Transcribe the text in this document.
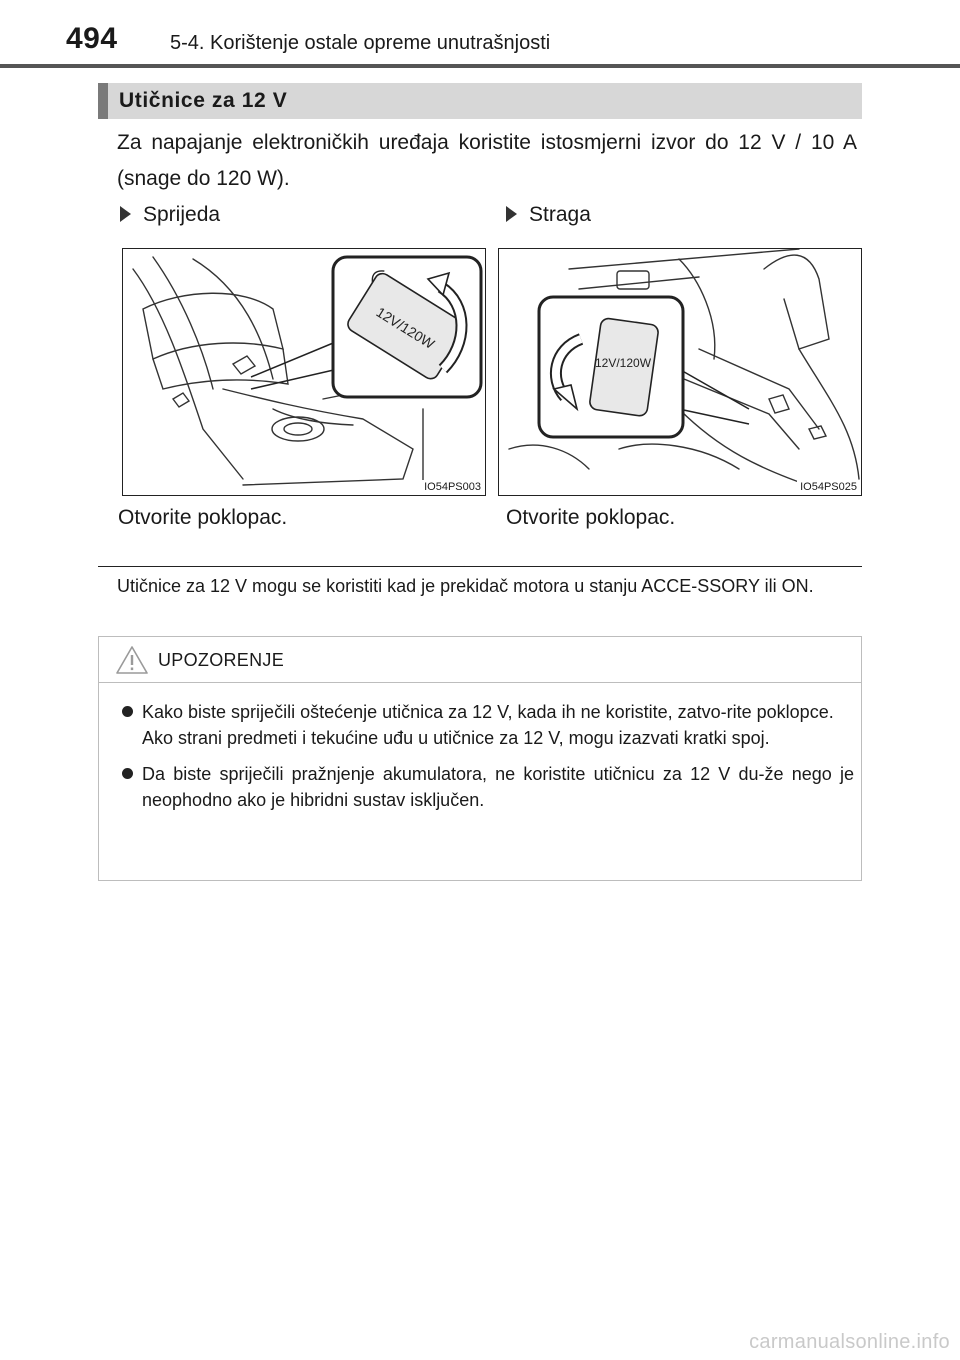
494	5-4. Korištenje ostale opreme unutrašnjosti
Utičnice za 12 V
Za napajanje elektroničkih uređaja koristite istosmjerni izvor do 12 V / 10 A (snage do 120 W).
Sprijeda
12V/120W
IO54PS003
Otvorite poklopac.
Straga
12V/120W
IO54PS025
Otvorite poklopac.
Utičnice za 12 V mogu se koristiti kad je prekidač motora u stanju ACCE-SSORY ili ON.
UPOZORENJE

Kako biste spriječili oštećenje utičnica za 12 V, kada ih ne koristite, zatvo-rite poklopce.

Ako strani predmeti i tekućine uđu u utičnice za 12 V, mogu izazvati kratki spoj.

Da biste spriječili pražnjenje akumulatora, ne koristite utičnicu za 12 V du-že nego je neophodno ako je hibridni sustav isključen.

carmanualsonline.info
